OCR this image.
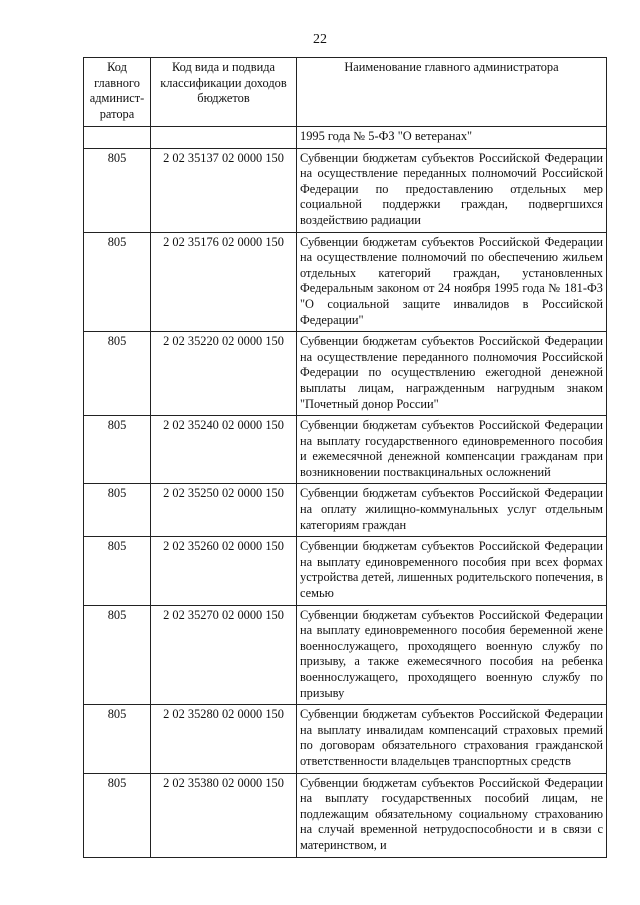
22
Код главного админист-ратора	Код вида и подвида классификации доходов бюджетов	Наименование главного администратора
		1995 года № 5-ФЗ "О ветеранах"
805	2 02 35137 02 0000 150	Субвенции бюджетам субъектов Российской Федерации на осуществление переданных полномочий Российской Федерации по предоставлению отдельных мер социальной поддержки граждан, подвергшихся воздействию радиации
805	2 02 35176 02 0000 150	Субвенции бюджетам субъектов Российской Федерации на осуществление полномочий по обеспечению жильем отдельных категорий граждан, установленных Федеральным законом от 24 ноября 1995 года № 181-ФЗ "О социальной защите инвалидов в Российской Федерации"
805	2 02 35220 02 0000 150	Субвенции бюджетам субъектов Российской Федерации на осуществление переданного полномочия Российской Федерации по осуществлению ежегодной денежной выплаты лицам, награжденным нагрудным знаком "Почетный донор России"
805	2 02 35240 02 0000 150	Субвенции бюджетам субъектов Российской Федерации на выплату государственного единовременного пособия и ежемесячной денежной компенсации гражданам при возникновении поствакцинальных осложнений
805	2 02 35250 02 0000 150	Субвенции бюджетам субъектов Российской Федерации на оплату жилищно-коммунальных услуг отдельным категориям граждан
805	2 02 35260 02 0000 150	Субвенции бюджетам субъектов Российской Федерации на выплату единовременного пособия при всех формах устройства детей, лишенных родительского попечения, в семью
805	2 02 35270 02 0000 150	Субвенции бюджетам субъектов Российской Федерации на выплату единовременного пособия беременной жене военнослужащего, проходящего военную службу по призыву, а также ежемесячного пособия на ребенка военнослужащего, проходящего военную службу по призыву
805	2 02 35280 02 0000 150	Субвенции бюджетам субъектов Российской Федерации на выплату инвалидам компенсаций страховых премий по договорам обязательного страхования гражданской ответственности владельцев транспортных средств
805	2 02 35380 02 0000 150	Субвенции бюджетам субъектов Российской Федерации на выплату государственных пособий лицам, не подлежащим обязательному социальному страхованию на случай временной нетрудоспособности и в связи с материнством, и
